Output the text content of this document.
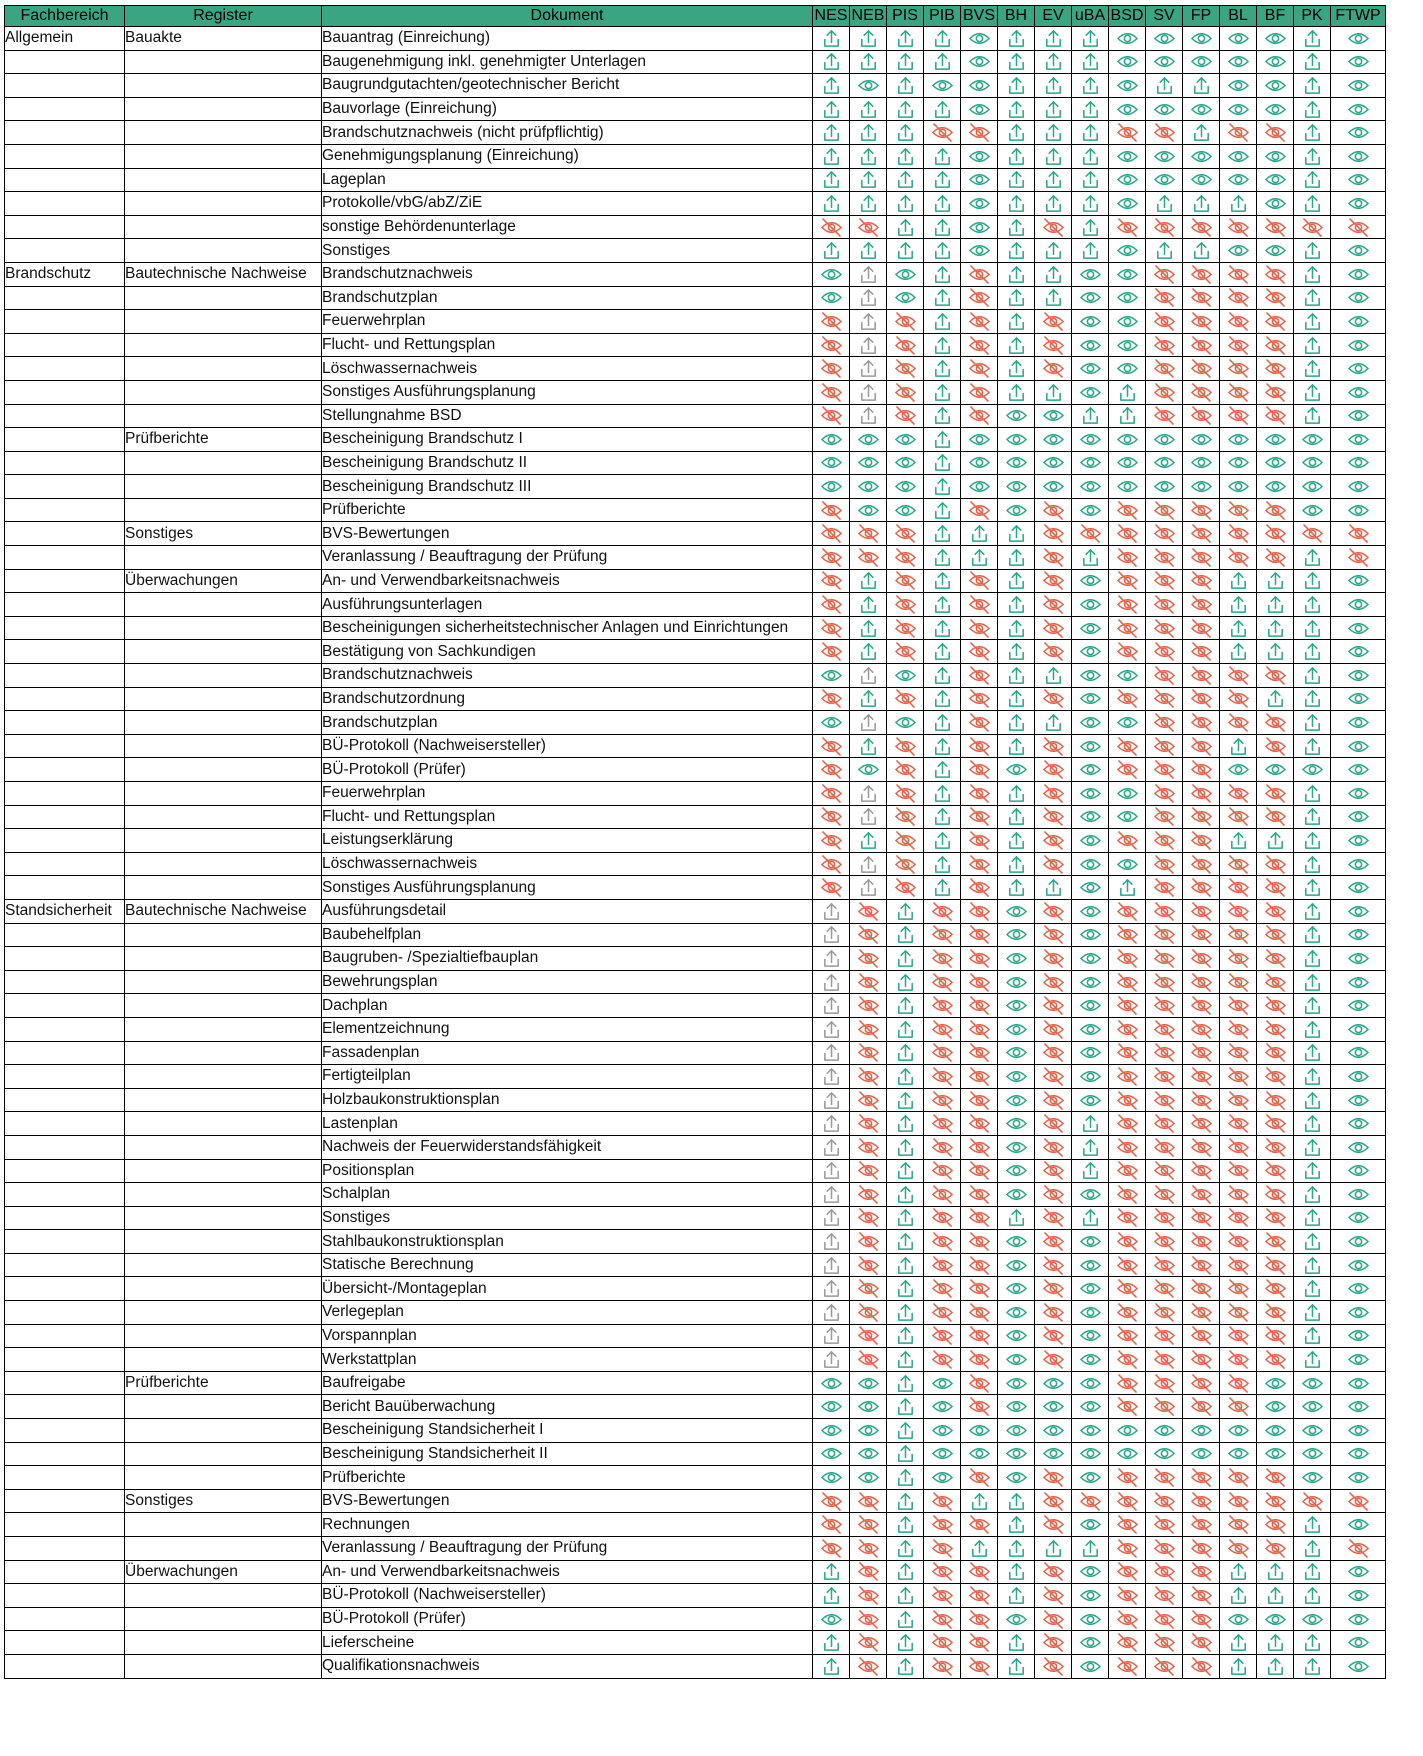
Fachbereich	Register	Dokument	NES	NEB	PIS	PIB	BVS	BH	EV	uBA	BSD	SV	FP	BL	BF	PK	FTWP
Allgemein	Bauakte	Bauantrag (Einreichung)	

		Baugenehmigung inkl. genehmigter Unterlagen	

		Baugrundgutachten/geotechnischer Bericht	

		Bauvorlage (Einreichung)	

		Brandschutznachweis (nicht prüfpflichtig)	

		Genehmigungsplanung (Einreichung)	

		Lageplan	

		Protokolle/vbG/abZ/ZiE	

		sonstige Behördenunterlage	

		Sonstiges	

Brandschutz	Bautechnische Nachweise	Brandschutznachweis	

		Brandschutzplan	

		Feuerwehrplan	

		Flucht- und Rettungsplan	

		Löschwassernachweis	

		Sonstiges Ausführungsplanung	

		Stellungnahme BSD	

	Prüfberichte	Bescheinigung Brandschutz I	

		Bescheinigung Brandschutz II	

		Bescheinigung Brandschutz III	

		Prüfberichte	

	Sonstiges	BVS-Bewertungen	

		Veranlassung / Beauftragung der Prüfung	

	Überwachungen	An- und Verwendbarkeitsnachweis	

		Ausführungsunterlagen	

		Bescheinigungen sicherheitstechnischer Anlagen und Einrichtungen	

		Bestätigung von Sachkundigen	

		Brandschutznachweis	

		Brandschutzordnung	

		Brandschutzplan	

		BÜ-Protokoll (Nachweisersteller)	

		BÜ-Protokoll (Prüfer)	

		Feuerwehrplan	

		Flucht- und Rettungsplan	

		Leistungserklärung	

		Löschwassernachweis	

		Sonstiges Ausführungsplanung	

Standsicherheit	Bautechnische Nachweise	Ausführungsdetail	

		Baubehelfplan	

		Baugruben- /Spezialtiefbauplan	

		Bewehrungsplan	

		Dachplan	

		Elementzeichnung	

		Fassadenplan	

		Fertigteilplan	

		Holzbaukonstruktionsplan	

		Lastenplan	

		Nachweis der Feuerwiderstandsfähigkeit	

		Positionsplan	

		Schalplan	

		Sonstiges	

		Stahlbaukonstruktionsplan	

		Statische Berechnung	

		Übersicht-/Montageplan	

		Verlegeplan	

		Vorspannplan	

		Werkstattplan	

	Prüfberichte	Baufreigabe	

		Bericht Bauüberwachung	

		Bescheinigung Standsicherheit I	

		Bescheinigung Standsicherheit II	

		Prüfberichte	

	Sonstiges	BVS-Bewertungen	

		Rechnungen	

		Veranlassung / Beauftragung der Prüfung	

	Überwachungen	An- und Verwendbarkeitsnachweis	

		BÜ-Protokoll (Nachweisersteller)	

		BÜ-Protokoll (Prüfer)	

		Lieferscheine	

		Qualifikationsnachweis	
